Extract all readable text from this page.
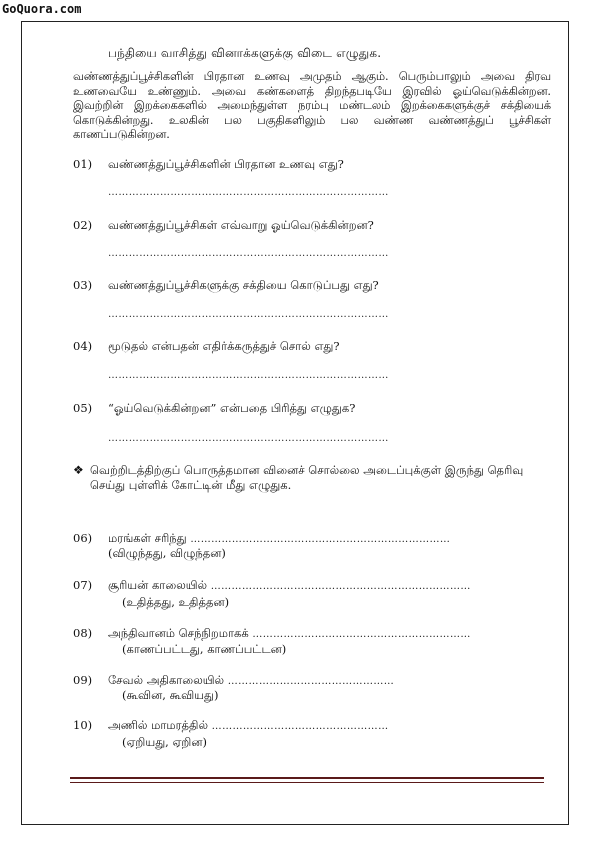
GoQuora.com
பந்தியை வாசித்து வினாக்களுக்கு விடை எழுதுக.
வண்ணத்துப்பூச்சிகளின் பிரதான உணவு அமுதம் ஆகும். பெரும்பாலும் அவை திரவ உணவையே உண்ணும். அவை கண்களைத் திறந்தபடியே இரவில் ஓய்வெடுக்கின்றன. இவற்றின் இறக்கைகளில் அமைந்துள்ள நரம்பு மண்டலம் இறக்கைகளுக்குச் சக்தியைக் கொடுக்கின்றது. உலகின் பல பகுதிகளிலும் பல வண்ண வண்ணத்துப் பூச்சிகள் காணப்படுகின்றன.
01) வண்ணத்துப்பூச்சிகளின் பிரதான உணவு எது?
………………………………………………………………………
02) வண்ணத்துப்பூச்சிகள் எவ்வாறு ஓய்வெடுக்கின்றன?
………………………………………………………………………
03) வண்ணத்துப்பூச்சிகளுக்கு சக்தியை கொடுப்பது எது?
………………………………………………………………………
04) மூடுதல் என்பதன் எதிர்க்கருத்துச் சொல் எது?
………………………………………………………………………
05) “ஓய்வெடுக்கின்றன” என்பதை பிரித்து எழுதுக?
………………………………………………………………………
❖ வெற்றிடத்திற்குப் பொருத்தமான வினைச் சொல்லை அடைப்புக்குள் இருந்து தெரிவு செய்து புள்ளிக் கோட்டின் மீது எழுதுக.
06) மரங்கள் சரிந்து …………………………………………………………………
(விழுந்தது, விழுந்தன)
07) சூரியன் காலையில் …………………………………………………………………
(உதித்தது, உதித்தன)
08) அந்திவானம் செந்நிறமாகக் ………………………………………………………
(காணப்பட்டது, காணப்பட்டன)
09) சேவல் அதிகாலையில் …………………………………………
(கூவின, கூவியது)
10) அணில் மாமரத்தில் ……………………………………………
(ஏறியது, ஏறின)
